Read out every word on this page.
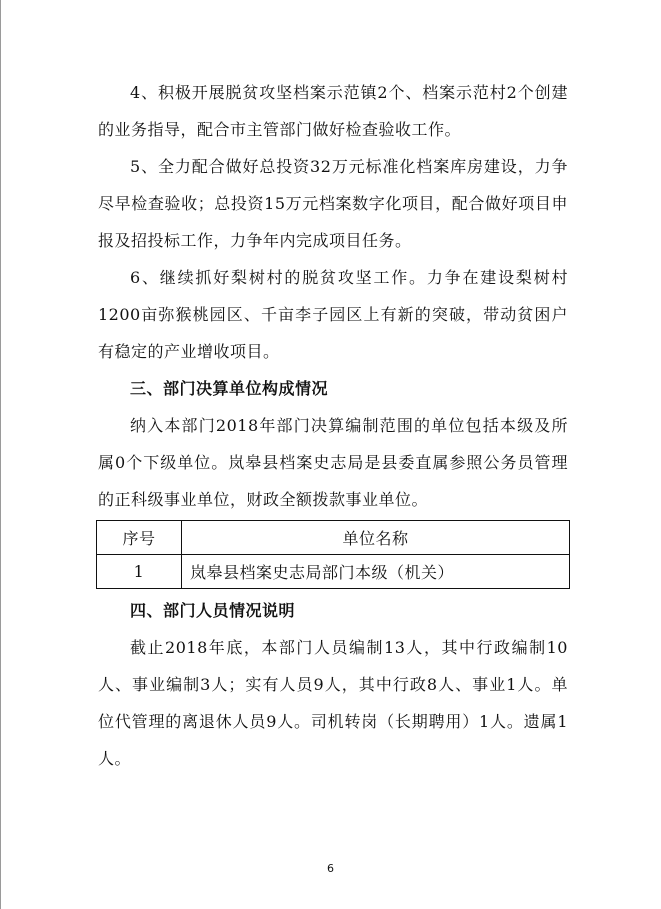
4、积极开展脱贫攻坚档案示范镇2个、档案示范村2个创建的业务指导，配合市主管部门做好检查验收工作。

5、全力配合做好总投资32万元标准化档案库房建设，力争尽早检查验收；总投资15万元档案数字化项目，配合做好项目申报及招投标工作，力争年内完成项目任务。

6、继续抓好梨树村的脱贫攻坚工作。力争在建设梨树村1200亩弥猴桃园区、千亩李子园区上有新的突破，带动贫困户有稳定的产业增收项目。

三、部门决算单位构成情况

纳入本部门2018年部门决算编制范围的单位包括本级及所属0个下级单位。岚皋县档案史志局是县委直属参照公务员管理的正科级事业单位，财政全额拨款事业单位。

序号	单位名称
1	岚皋县档案史志局部门本级（机关）

四、部门人员情况说明

截止2018年底，本部门人员编制13人，其中行政编制10人、事业编制3人；实有人员9人，其中行政8人、事业1人。单位代管理的离退休人员9人。司机转岗（长期聘用）1人。遗属1人。

6
